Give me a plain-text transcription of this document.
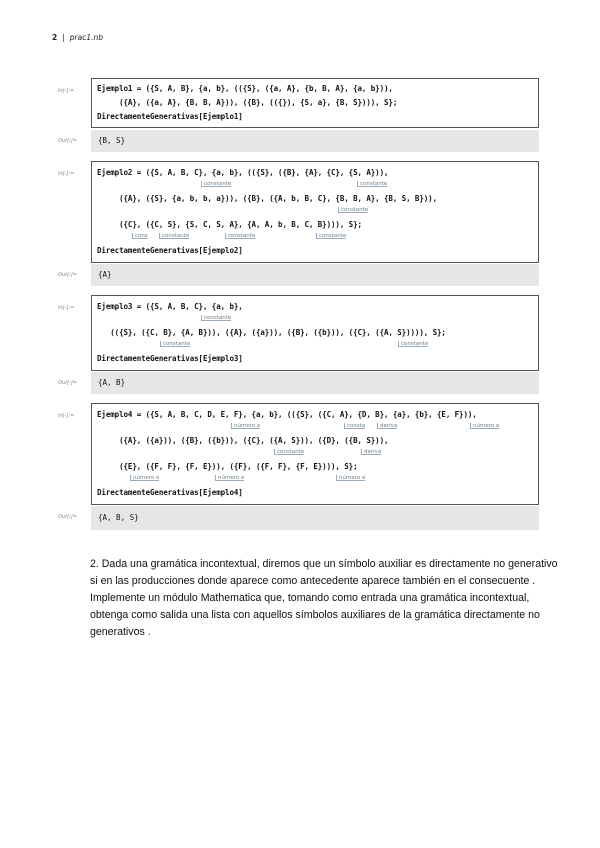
2 | prac1.nb
In[-]:=	Ejemplo1 = ({S, A, B}, {a, b}, (({S}, ({a, A}, {b, B, A}, {a, b})),
({A}, ({a, A}, {B, B, A})), ({B}, (({}), {S, a}, {B, S}))), S};
DirectamenteGenerativas[Ejemplo1]
Out[-]=	{B, S}
In[-]:=	Ejemplo2 = ({S, A, B, C}, {a, b}, (({S}, ({B}, {A}, {C}, {S, A})),
constante	constante
({A}, ({S}, {a, b, b, a})), ({B}, ({A, b, B, C}, {B, B, A}, {B, S, B})),
constante
({C}, ({C, S}, {S, C, S, A}, {A, A, b, B, C, B}))), S};
cons	constante	constante	constante
DirectamenteGenerativas[Ejemplo2]
Out[-]=	{A}
In[-]:=	Ejemplo3 = ({S, A, B, C}, {a, b},
constante
(({S}, ({C, B}, {A, B})), ({A}, ({a})), ({B}, ({b})), ({C}, ({A, S})))), S};
constante	constante
DirectamenteGenerativas[Ejemplo3]
Out[-]=	{A, B}
In[-]:=	Ejemplo4 = ({S, A, B, C, D, E, F}, {a, b}, (({S}, ({C, A}, {D, B}, {a}, {b}, {E, F})),
número e	consta	deriva	número e
({A}, ({a})), ({B}, ({b})), ({C}, ({A, S})), ({D}, ({B, S})),
constante	deriva
({E}, ({F, F}, {F, E})), ({F}, ({F, F}, {F, E}))), S};
número e	número e	número e
DirectamenteGenerativas[Ejemplo4]
Out[-]=	{A, B, S}
2. Dada una gramática incontextual, diremos que un símbolo auxiliar es directamente no generativo si en las producciones donde aparece como antecedente aparece también en el consecuente . Implemente un módulo Mathematica que, tomando como entrada una gramática incontextual, obtenga como salida una lista con aquellos símbolos auxiliares de la gramática directamente no generativos .
